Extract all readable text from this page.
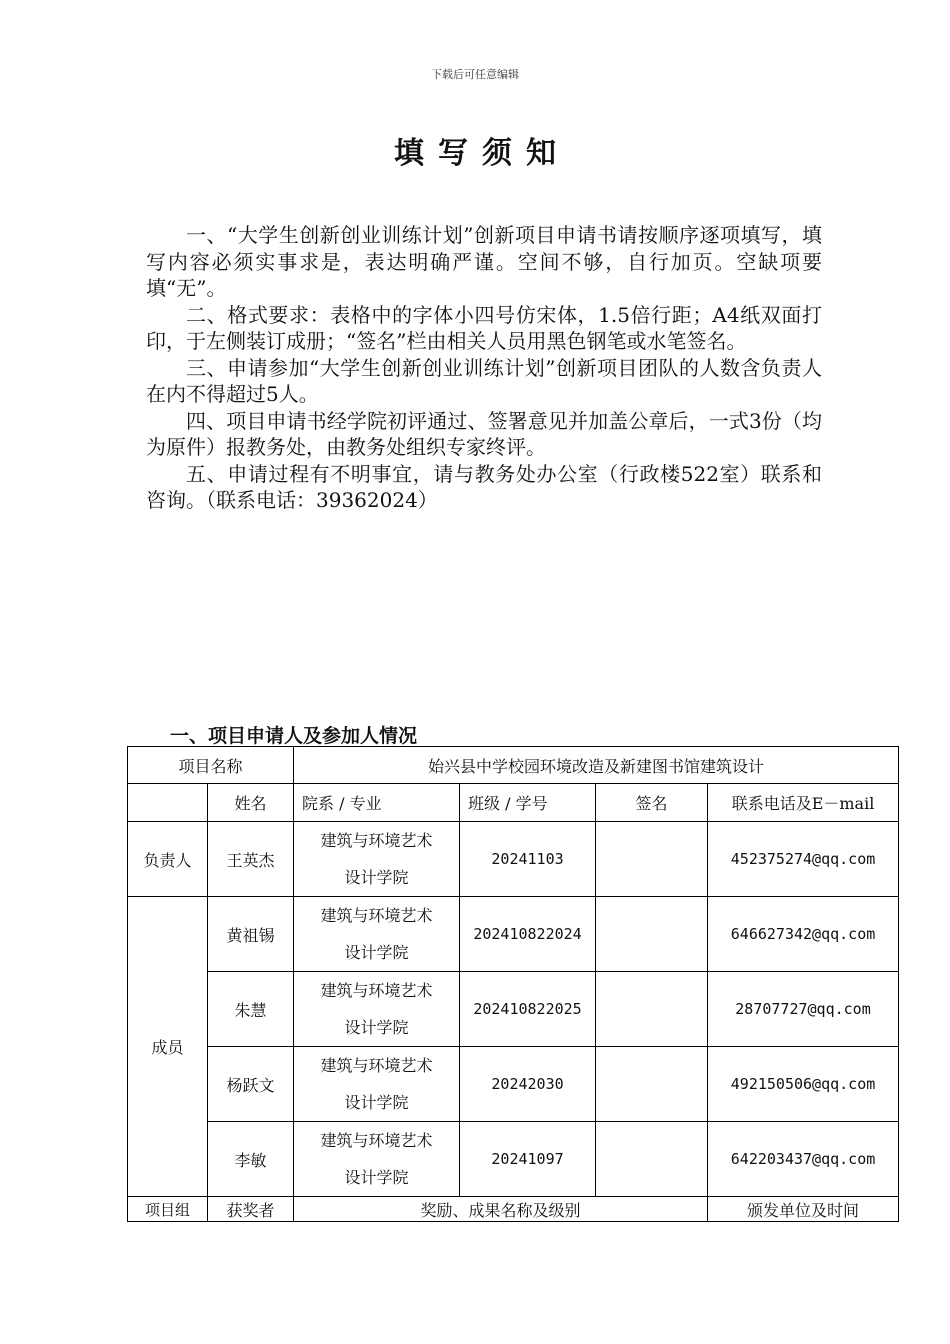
下载后可任意编辑
填写须知

一、“大学生创新创业训练计划”创新项目申请书请按顺序逐项填写，填写内容必须实事求是，表达明确严谨。空间不够，自行加页。空缺项要填“无”。

二、格式要求：表格中的字体小四号仿宋体，1.5倍行距；A4纸双面打印，于左侧装订成册；“签名”栏由相关人员用黑色钢笔或水笔签名。

三、申请参加“大学生创新创业训练计划”创新项目团队的人数含负责人在内不得超过5人。

四、项目申请书经学院初评通过、签署意见并加盖公章后，一式3份（均为原件）报教务处，由教务处组织专家终评。

五、申请过程有不明事宜，请与教务处办公室（行政楼522室）联系和咨询。（联系电话：39362024）

一、项目申请人及参加人情况
项目名称		始兴县中学校园环境改造及新建图书馆建筑设计			
	姓名	院系 / 专业	班级 / 学号	签名	联系电话及E－mail
负责人	王英杰	建筑与环境艺术
设计学院	20241103		452375274@qq.com
成员	黄祖锡	建筑与环境艺术
设计学院	202410822024		646627342@qq.com
	朱慧	建筑与环境艺术
设计学院	202410822025		28707727@qq.com
	杨跃文	建筑与环境艺术
设计学院	20242030		492150506@qq.com
	李敏	建筑与环境艺术
设计学院	20241097		642203437@qq.com
项目组	获奖者	奖励、成果名称及级别			颁发单位及时间
